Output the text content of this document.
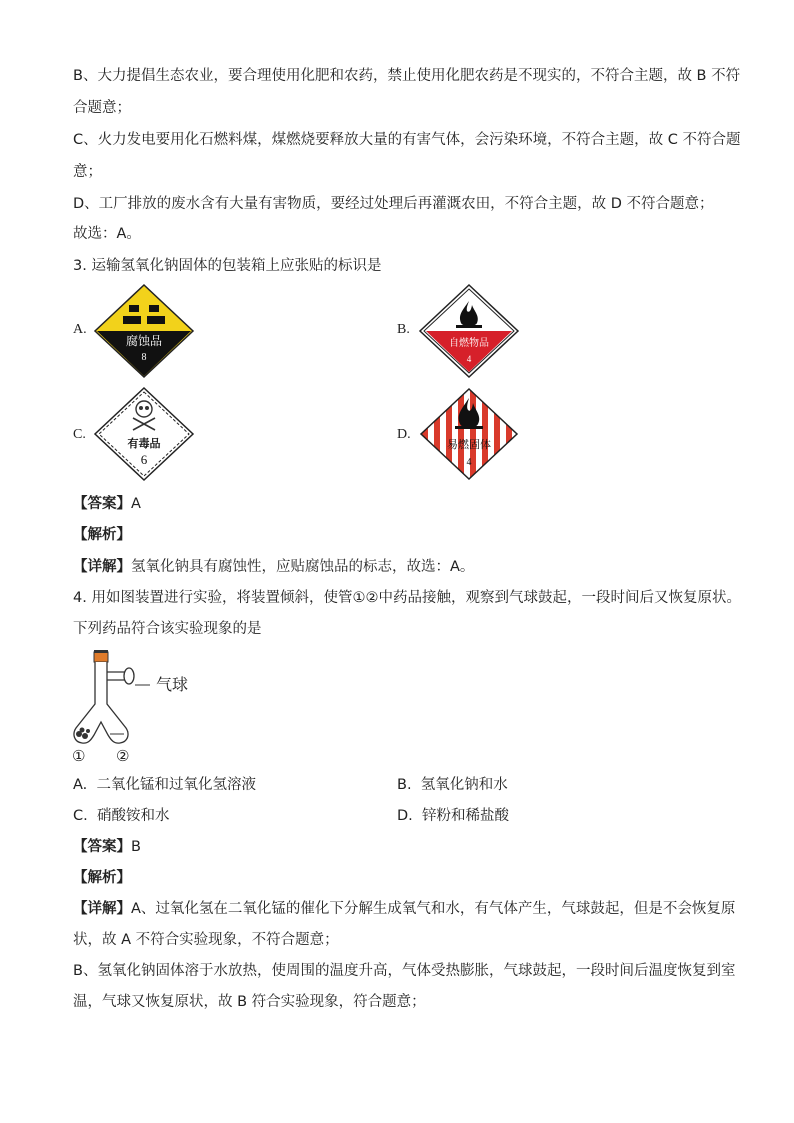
B、大力提倡生态农业，要合理使用化肥和农药，禁止使用化肥农药是不现实的，不符合主题，故 B 不符
合题意；
C、火力发电要用化石燃料煤，煤燃烧要释放大量的有害气体，会污染环境，不符合主题，故 C 不符合题
意；
D、工厂排放的废水含有大量有害物质，要经过处理后再灌溉农田，不符合主题，故 D 不符合题意；
故选：A。
3. 运输氢氧化钠固体的包装箱上应张贴的标识是
A.
腐蚀品
8
B.
自燃物品
4
C.
有毒品
6
D.
易燃固体
4
【答案】A
【解析】
【详解】氢氧化钠具有腐蚀性，应贴腐蚀品的标志，故选：A。
4. 用如图装置进行实验，将装置倾斜，使管①②中药品接触，观察到气球鼓起，一段时间后又恢复原状。
下列药品符合该实验现象的是
气球
① ②
A. 二氧化锰和过氧化氢溶液	B. 氢氧化钠和水
C. 硝酸铵和水	D. 锌粉和稀盐酸
【答案】B
【解析】
【详解】A、过氧化氢在二氧化锰的催化下分解生成氧气和水，有气体产生，气球鼓起，但是不会恢复原
状，故 A 不符合实验现象，不符合题意；
B、氢氧化钠固体溶于水放热，使周围的温度升高，气体受热膨胀，气球鼓起，一段时间后温度恢复到室
温，气球又恢复原状，故 B 符合实验现象，符合题意；
